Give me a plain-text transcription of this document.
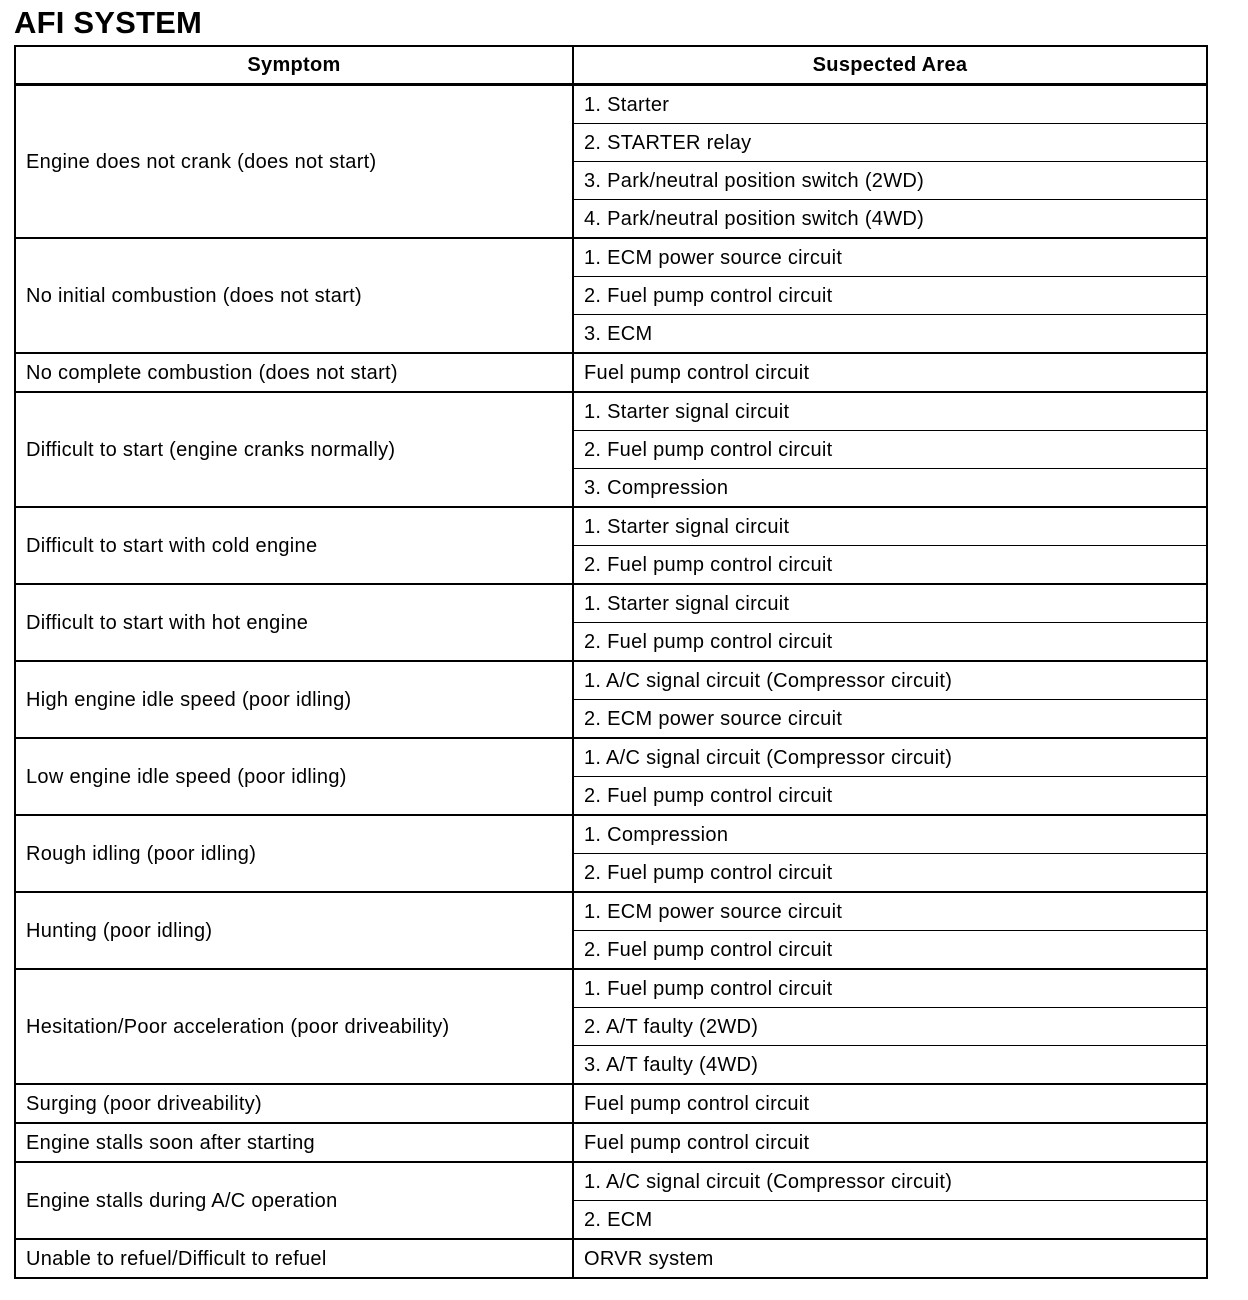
AFI SYSTEM
Symptom	Suspected Area
Engine does not crank (does not start)	1. Starter
	2. STARTER relay
	3. Park/neutral position switch (2WD)
	4. Park/neutral position switch (4WD)
No initial combustion (does not start)	1. ECM power source circuit
	2. Fuel pump control circuit
	3. ECM
No complete combustion (does not start)	Fuel pump control circuit
Difficult to start (engine cranks normally)	1. Starter signal circuit
	2. Fuel pump control circuit
	3. Compression
Difficult to start with cold engine	1. Starter signal circuit
	2. Fuel pump control circuit
Difficult to start with hot engine	1. Starter signal circuit
	2. Fuel pump control circuit
High engine idle speed (poor idling)	1. A/C signal circuit (Compressor circuit)
	2. ECM power source circuit
Low engine idle speed (poor idling)	1. A/C signal circuit (Compressor circuit)
	2. Fuel pump control circuit
Rough idling (poor idling)	1. Compression
	2. Fuel pump control circuit
Hunting (poor idling)	1. ECM power source circuit
	2. Fuel pump control circuit
Hesitation/Poor acceleration (poor driveability)	1. Fuel pump control circuit
	2. A/T faulty (2WD)
	3. A/T faulty (4WD)
Surging (poor driveability)	Fuel pump control circuit
Engine stalls soon after starting	Fuel pump control circuit
Engine stalls during A/C operation	1. A/C signal circuit (Compressor circuit)
	2. ECM
Unable to refuel/Difficult to refuel	ORVR system
